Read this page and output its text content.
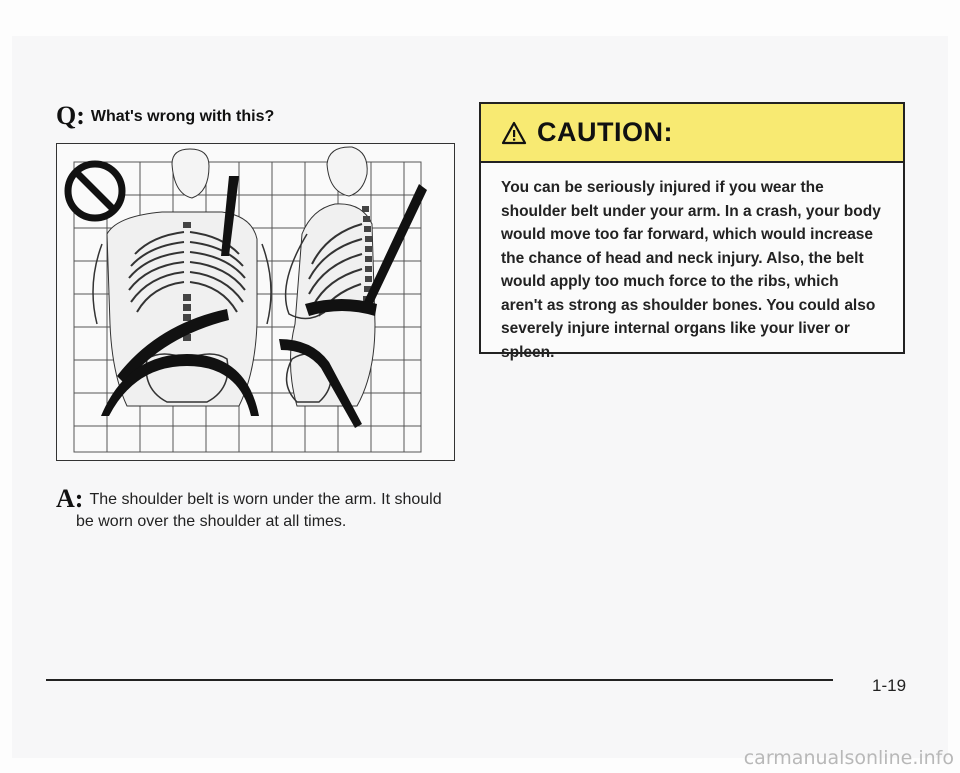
Q: What's wrong with this?
A: The shoulder belt is worn under the arm. It should
be worn over the shoulder at all times.
CAUTION:
You can be seriously injured if you wear the shoulder belt under your arm. In a crash, your body would move too far forward, which would increase the chance of head and neck injury. Also, the belt would apply too much force to the ribs, which aren't as strong as shoulder bones. You could also severely injure internal organs like your liver or spleen.
1-19
carmanualsonline.info
